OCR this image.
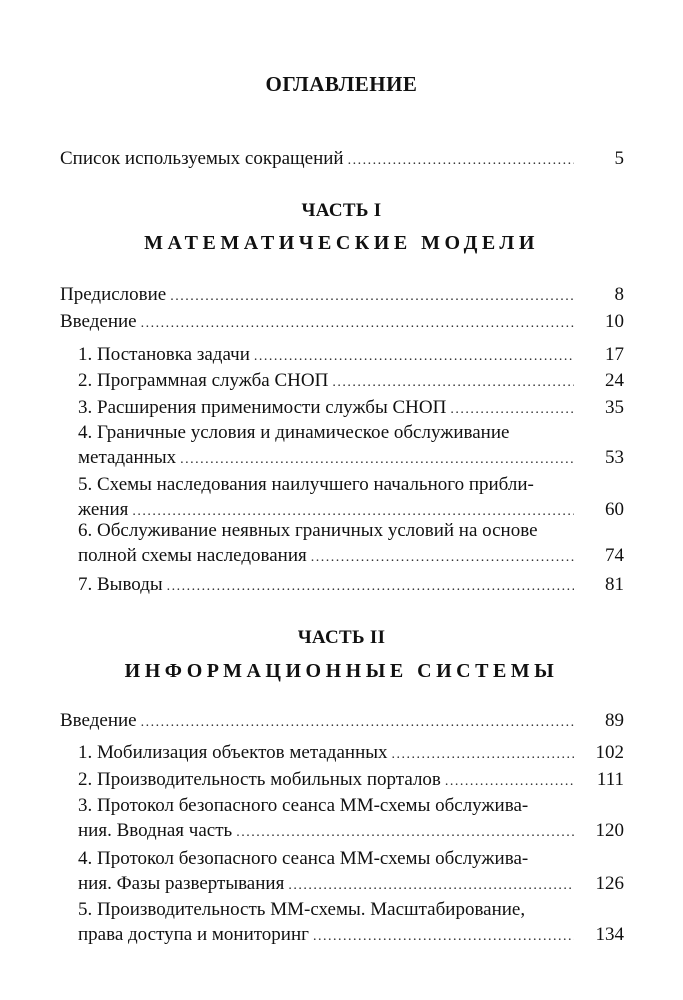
ОГЛАВЛЕНИЕ
Список используемых сокращений .....	5
ЧАСТЬ I
МАТЕМАТИЧЕСКИЕ МОДЕЛИ
Предисловие .....	8
Введение .....	10
1. Постановка задачи .....	17
2. Программная служба СНОП .....	24
3. Расширения применимости службы СНОП .....	35
4. Граничные условия и динамическое обслуживание
метаданных .....	53
5. Схемы наследования наилучшего начального прибли-
жения .....	60
6. Обслуживание неявных граничных условий на основе
полной схемы наследования .....	74
7. Выводы .....	81
ЧАСТЬ II
ИНФОРМАЦИОННЫЕ СИСТЕМЫ
Введение .....	89
1. Мобилизация объектов метаданных .....	102
2. Производительность мобильных порталов .....	111
3. Протокол безопасного сеанса ММ-схемы обслужива-
ния. Вводная часть .....	120
4. Протокол безопасного сеанса ММ-схемы обслужива-
ния. Фазы развертывания .....	126
5. Производительность ММ-схемы. Масштабирование,
права доступа и мониторинг .....	134
